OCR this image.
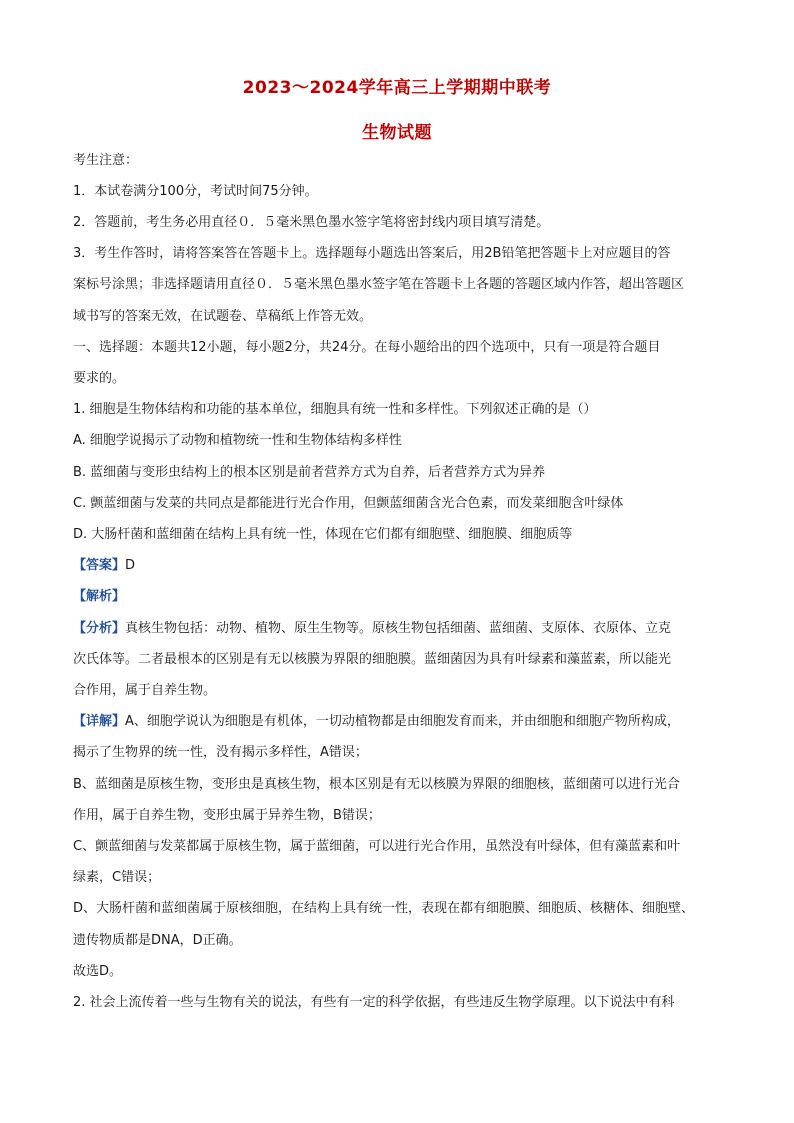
2023～2024学年高三上学期期中联考
生物试题
考生注意：
1．本试卷满分100分，考试时间75分钟。
2．答题前，考生务必用直径０．５毫米黑色墨水签字笔将密封线内项目填写清楚。
3．考生作答时，请将答案答在答题卡上。选择题每小题选出答案后，用2B铅笔把答题卡上对应题目的答
案标号涂黑；非选择题请用直径０．５毫米黑色墨水签字笔在答题卡上各题的答题区域内作答，超出答题区
域书写的答案无效，在试题卷、草稿纸上作答无效。
一、选择题：本题共12小题，每小题2分，共24分。在每小题给出的四个选项中，只有一项是符合题目
要求的。
1. 细胞是生物体结构和功能的基本单位，细胞具有统一性和多样性。下列叙述正确的是（）
A. 细胞学说揭示了动物和植物统一性和生物体结构多样性
B. 蓝细菌与变形虫结构上的根本区别是前者营养方式为自养，后者营养方式为异养
C. 颤蓝细菌与发菜的共同点是都能进行光合作用，但颤蓝细菌含光合色素，而发菜细胞含叶绿体
D. 大肠杆菌和蓝细菌在结构上具有统一性，体现在它们都有细胞壁、细胞膜、细胞质等
【答案】D
【解析】
【分析】真核生物包括：动物、植物、原生生物等。原核生物包括细菌、蓝细菌、支原体、衣原体、立克
次氏体等。二者最根本的区别是有无以核膜为界限的细胞膜。蓝细菌因为具有叶绿素和藻蓝素，所以能光
合作用，属于自养生物。
【详解】A、细胞学说认为细胞是有机体，一切动植物都是由细胞发育而来，并由细胞和细胞产物所构成，
揭示了生物界的统一性，没有揭示多样性，A错误；
B、蓝细菌是原核生物，变形虫是真核生物，根本区别是有无以核膜为界限的细胞核，蓝细菌可以进行光合
作用，属于自养生物，变形虫属于异养生物，B错误；
C、颤蓝细菌与发菜都属于原核生物，属于蓝细菌，可以进行光合作用，虽然没有叶绿体，但有藻蓝素和叶
绿素，C错误；
D、大肠杆菌和蓝细菌属于原核细胞，在结构上具有统一性，表现在都有细胞膜、细胞质、核糖体、细胞壁、
遗传物质都是DNA，D正确。
故选D。
2. 社会上流传着一些与生物有关的说法，有些有一定的科学依据，有些违反生物学原理。以下说法中有科
